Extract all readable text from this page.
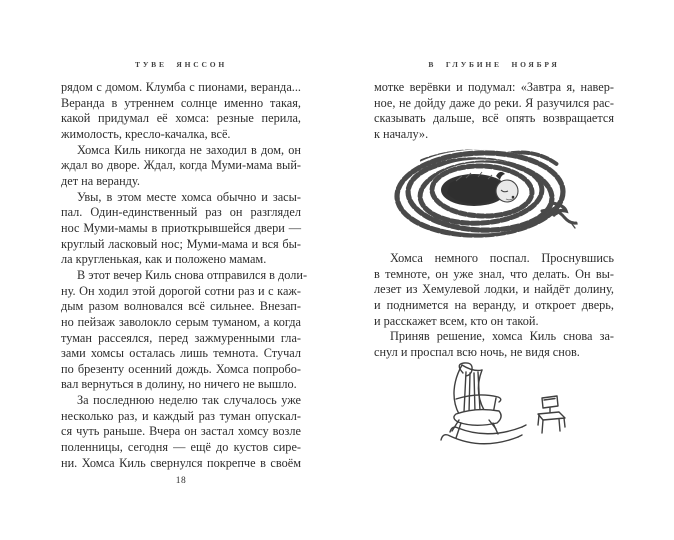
ТУВЕ ЯНССОН
рядом с домом. Клумба с пионами, веранда...
Веранда в утреннем солнце именно такая,
какой придумал её хомса: резные перила,
жимолость, кресло-качалка, всё.
Хомса Киль никогда не заходил в дом, он
ждал во дворе. Ждал, когда Муми-мама вый-
дет на веранду.
Увы, в этом месте хомса обычно и засы-
пал. Один-единственный раз он разглядел
нос Муми-мамы в приоткрывшейся двери —
круглый ласковый нос; Муми-мама и вся бы-
ла кругленькая, как и положено мамам.
В этот вечер Киль снова отправился в доли-
ну. Он ходил этой дорогой сотни раз и с каж-
дым разом волновался всё сильнее. Внезап-
но пейзаж заволокло серым туманом, а когда
туман рассеялся, перед зажмуренными гла-
зами хомсы осталась лишь темнота. Стучал
по брезенту осенний дождь. Хомса попробо-
вал вернуться в долину, но ничего не вышло.
За последнюю неделю так случалось уже
несколько раз, и каждый раз туман опускал-
ся чуть раньше. Вчера он застал хомсу возле
поленницы, сегодня — ещё до кустов сире-
ни. Хомса Киль свернулся покрепче в своём
18
В ГЛУБИНЕ НОЯБРЯ
мотке верёвки и подумал: «Завтра я, навер-
ное, не дойду даже до реки. Я разучился рас-
сказывать дальше, всё опять возвращается
к началу».
Хомса немного поспал. Проснувшись
в темноте, он уже знал, что делать. Он вы-
лезет из Хемулевой лодки, и найдёт долину,
и поднимется на веранду, и откроет дверь,
и расскажет всем, кто он такой.
Приняв решение, хомса Киль снова за-
снул и проспал всю ночь, не видя снов.
